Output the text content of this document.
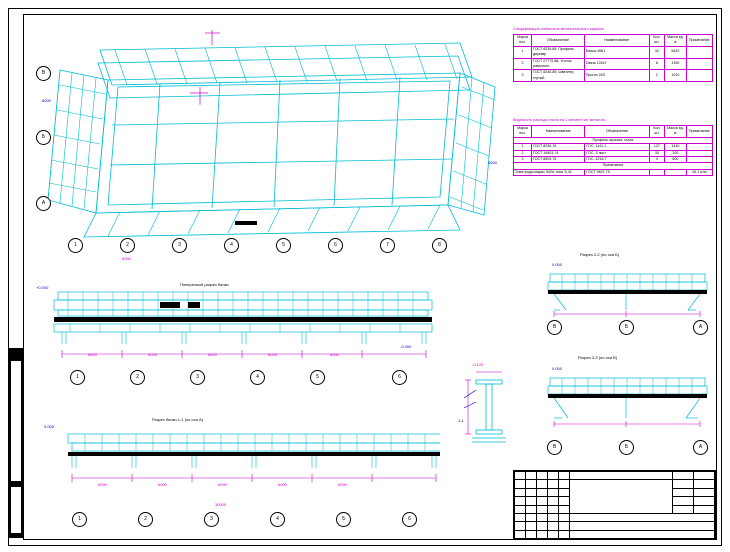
В
Б
А
1	2	3	4	5	6	7	8
6000
6000
4000
Спецификация элементов металлического каркаса
Марка поз.	Обозначение	Наименование	Кол. шт.	Масса ед. кг	Примечание
1	ГОСТ 8239-89, Профиль двутавр	Балка 40Б1	32	5420	
2	ГОСТ 27772-88, Уголок равнопол.	Связь 100х7	8	1390	
3	ГОСТ 8240-89, Швеллер гнутый	Прогон 24П	2	1010	
Ведомость расхода стали на 1 элемент кв. металла
Марка поз.	Наименование	Обозначение	Кол. шт.	Масса ед. кг	Примечание
Профиль проката, сталь					
1	ГОСТ 8239-76	ГОС. 1141-1	127	1440	
2	ГОСТ 19903-74	ГОС. 3 лист	30	320	
3	ГОСТ 8509-76	ГОС. 4216-7	4	600	
Примечания					
Электроды марки Э42А типа Э-42		ГОСТ 9467-75			26.1 кг/м
Поперечный разрез балки
+0.000
6000	6000	6000	6000	6000
-0.400
1	2	3	4	5	6
Разрез балки 1-1 (по оси А)
0.000
6000	6000	6000	6000	6000
30000
1	2	3	4	5	6
-0.120
1-1
Разрез 2-2 (по оси Б)
0.000
В	Б	А
Разрез 3-3 (по оси В)
0.000
В	Б	А
